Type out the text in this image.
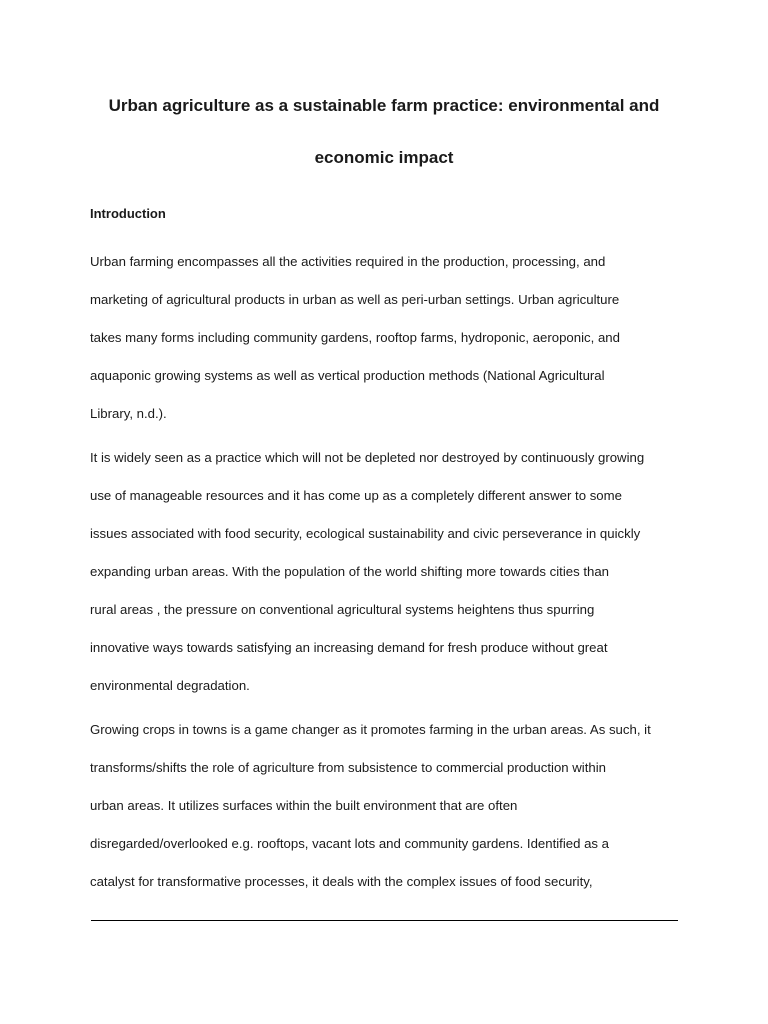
Urban agriculture as a sustainable farm practice: environmental and
economic impact
Introduction
Urban farming encompasses all the activities required in the production, processing, and
marketing of agricultural products in urban as well as peri-urban settings. Urban agriculture
takes many forms including community gardens, rooftop farms, hydroponic, aeroponic, and
aquaponic growing systems as well as vertical production methods (National Agricultural
Library, n.d.).
It is widely seen as a practice which will not be depleted nor destroyed by continuously growing
use of manageable resources and it has come up as a completely different answer to some
issues associated with food security, ecological sustainability and civic perseverance in quickly
expanding urban areas. With the population of the world shifting more towards cities than
rural areas , the pressure on conventional agricultural systems heightens thus spurring
innovative ways towards satisfying an increasing demand for fresh produce without great
environmental degradation.
Growing crops in towns is a game changer as it promotes farming in the urban areas. As such, it
transforms/shifts the role of agriculture from subsistence to commercial production within
urban areas. It utilizes surfaces within the built environment that are often
disregarded/overlooked e.g. rooftops, vacant lots and community gardens. Identified as a
catalyst for transformative processes, it deals with the complex issues of food security,
